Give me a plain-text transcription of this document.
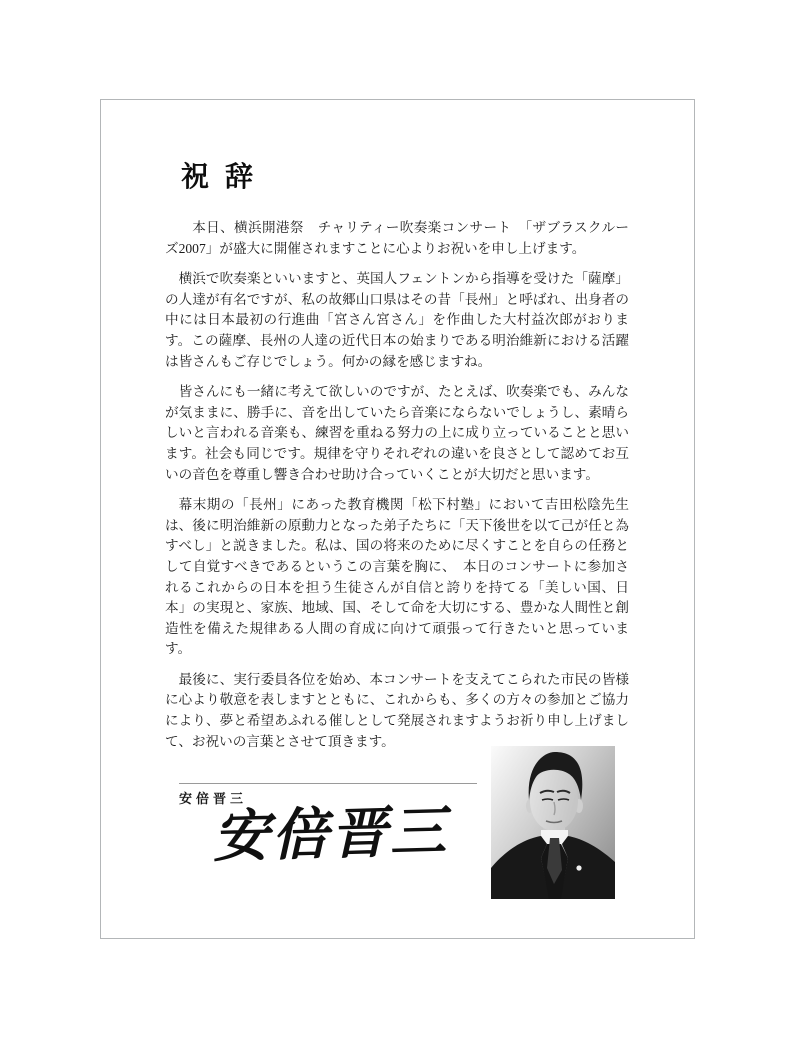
祝 辞

本日、横浜開港祭　チャリティー吹奏楽コンサート　「ザブラスクルーズ2007」が盛大に開催されますことに心よりお祝いを申し上げます。

横浜で吹奏楽といいますと、英国人フェントンから指導を受けた「薩摩」の人達が有名ですが、私の故郷山口県はその昔「長州」と呼ばれ、出身者の中には日本最初の行進曲「宮さん宮さん」を作曲した大村益次郎がおります。この薩摩、長州の人達の近代日本の始まりである明治維新における活躍は皆さんもご存じでしょう。何かの縁を感じますね。

皆さんにも一緒に考えて欲しいのですが、たとえば、吹奏楽でも、みんなが気ままに、勝手に、音を出していたら音楽にならないでしょうし、素晴らしいと言われる音楽も、練習を重ねる努力の上に成り立っていることと思います。社会も同じです。規律を守りそれぞれの違いを良さとして認めてお互いの音色を尊重し響き合わせ助け合っていくことが大切だと思います。

幕末期の「長州」にあった教育機関「松下村塾」において吉田松陰先生は、後に明治維新の原動力となった弟子たちに「天下後世を以て己が任と為すべし」と説きました。私は、国の将来のために尽くすことを自らの任務として自覚すべきであるというこの言葉を胸に、　本日のコンサートに参加されるこれからの日本を担う生徒さんが自信と誇りを持てる「美しい国、日本」の実現と、家族、地域、国、そして命を大切にする、豊かな人間性と創造性を備えた規律ある人間の育成に向けて頑張って行きたいと思っています。

最後に、実行委員各位を始め、本コンサートを支えてこられた市民の皆様に心より敬意を表しますとともに、これからも、多くの方々の参加とご協力により、夢と希望あふれる催しとして発展されますようお祈り申し上げまして、お祝いの言葉とさせて頂きます。

安倍晋三
安倍晋三
